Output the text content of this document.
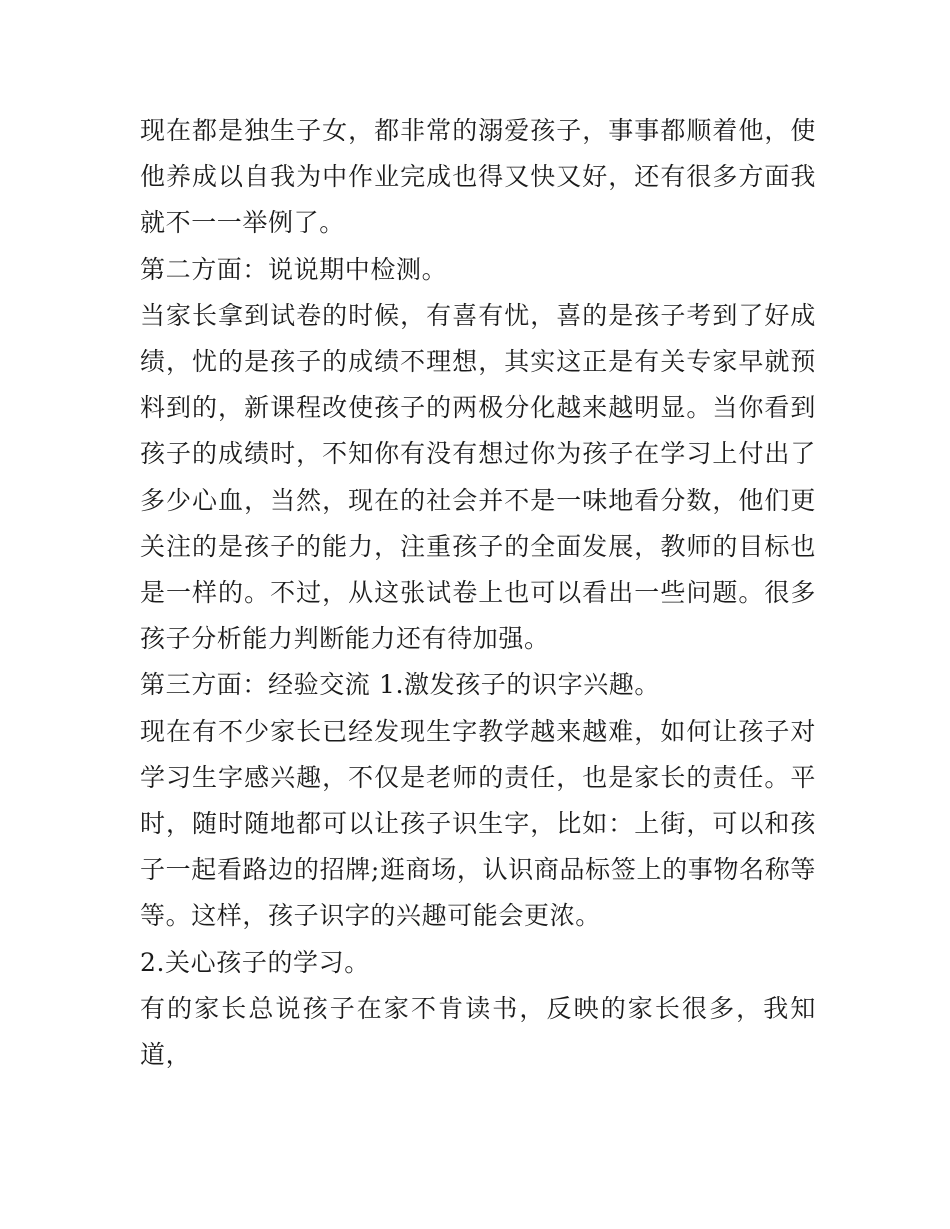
现在都是独生子女，都非常的溺爱孩子，事事都顺着他，使他养成以自我为中作业完成也得又快又好，还有很多方面我就不一一举例了。

第二方面：说说期中检测。

当家长拿到试卷的时候，有喜有忧，喜的是孩子考到了好成绩，忧的是孩子的成绩不理想，其实这正是有关专家早就预料到的，新课程改使孩子的两极分化越来越明显。当你看到孩子的成绩时，不知你有没有想过你为孩子在学习上付出了多少心血，当然，现在的社会并不是一味地看分数，他们更关注的是孩子的能力，注重孩子的全面发展，教师的目标也是一样的。不过，从这张试卷上也可以看出一些问题。很多孩子分析能力判断能力还有待加强。

第三方面：经验交流 1.激发孩子的识字兴趣。

现在有不少家长已经发现生字教学越来越难，如何让孩子对学习生字感兴趣，不仅是老师的责任，也是家长的责任。平时，随时随地都可以让孩子识生字，比如：上街，可以和孩子一起看路边的招牌;逛商场，认识商品标签上的事物名称等等。这样，孩子识字的兴趣可能会更浓。

2.关心孩子的学习。

有的家长总说孩子在家不肯读书，反映的家长很多，我知道，
